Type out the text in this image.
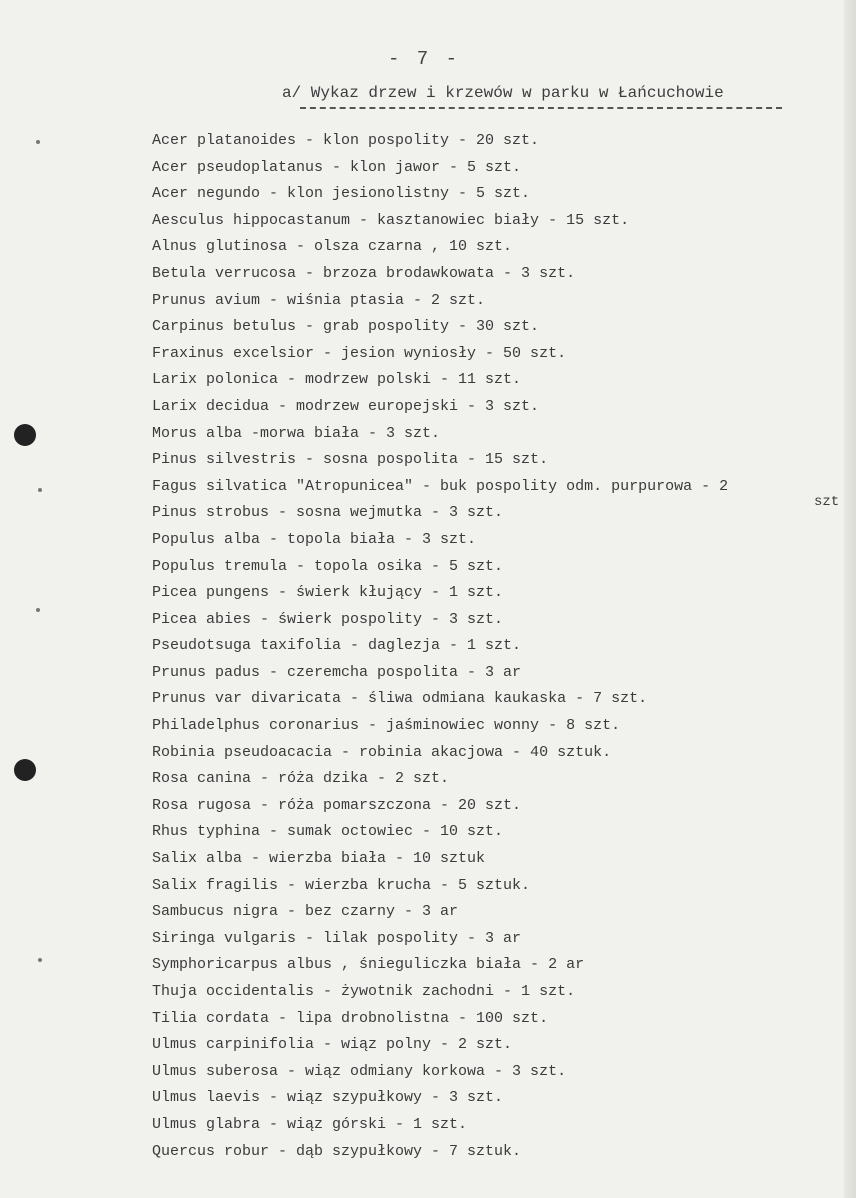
- 7 -
a/ Wykaz drzew i krzewów w parku w Łańcuchowie
Acer platanoides - klon pospolity - 20 szt.
Acer pseudoplatanus - klon jawor - 5 szt.
Acer negundo - klon jesionolistny - 5 szt.
Aesculus hippocastanum - kasztanowiec biały - 15 szt.
Alnus glutinosa - olsza czarna , 10 szt.
Betula verrucosa - brzoza brodawkowata - 3 szt.
Prunus avium - wiśnia ptasia - 2 szt.
Carpinus betulus - grab pospolity - 30 szt.
Fraxinus excelsior - jesion wyniosły - 50 szt.
Larix polonica - modrzew polski - 11 szt.
Larix decidua - modrzew europejski - 3 szt.
Morus alba -morwa biała - 3 szt.
Pinus silvestris - sosna pospolita - 15 szt.
Fagus silvatica "Atropunicea" - buk pospolity odm. purpurowa - 2
Pinus strobus - sosna wejmutka - 3 szt.
Populus alba - topola biała - 3 szt.
Populus tremula - topola osika - 5 szt.
Picea pungens - świerk kłujący - 1 szt.
Picea abies - świerk pospolity - 3 szt.
Pseudotsuga taxifolia - daglezja - 1 szt.
Prunus padus - czeremcha pospolita - 3 ar
Prunus var divaricata - śliwa odmiana kaukaska - 7 szt.
Philadelphus coronarius - jaśminowiec wonny - 8 szt.
Robinia pseudoacacia - robinia akacjowa - 40 sztuk.
Rosa canina - róża dzika - 2 szt.
Rosa rugosa - róża pomarszczona - 20 szt.
Rhus typhina - sumak octowiec - 10 szt.
Salix alba - wierzba biała - 10 sztuk
Salix fragilis - wierzba krucha - 5 sztuk.
Sambucus nigra - bez czarny - 3 ar
Siringa vulgaris - lilak pospolity - 3 ar
Symphoricarpus albus , śnieguliczka biała - 2 ar
Thuja occidentalis - żywotnik zachodni - 1 szt.
Tilia cordata - lipa drobnolistna - 100 szt.
Ulmus carpinifolia - wiąz polny - 2 szt.
Ulmus suberosa - wiąz odmiany korkowa - 3 szt.
Ulmus laevis - wiąz szypułkowy - 3 szt.
Ulmus glabra - wiąz górski - 1 szt.
Quercus robur - dąb szypułkowy - 7 sztuk.
szt
